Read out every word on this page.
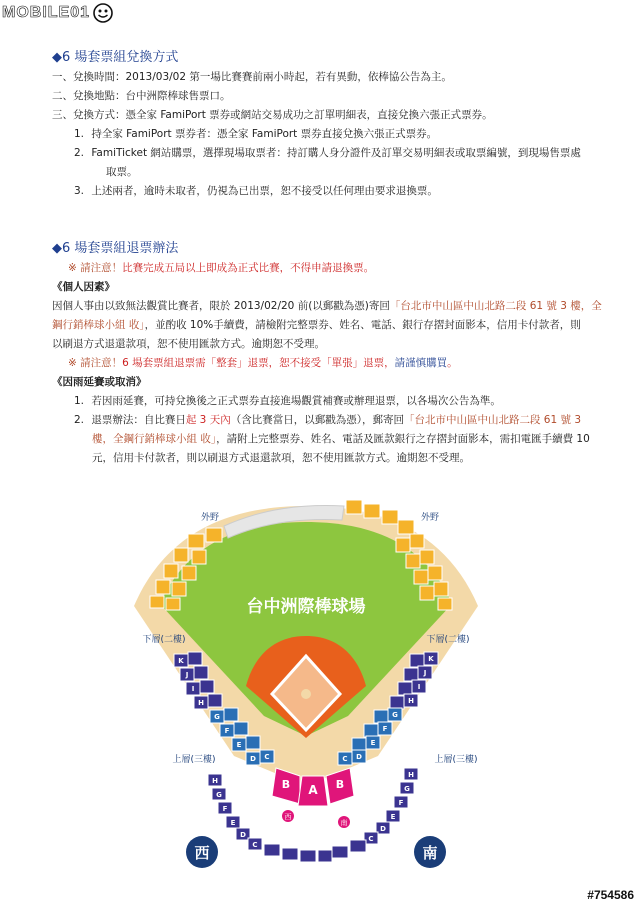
MOBILE01
◆6 場套票組兌換方式
一、兌換時間：2013/03/02 第一場比賽賽前兩小時起，若有異動，依棒協公告為主。
二、兌換地點：台中洲際棒球售票口。
三、兌換方式：憑全家 FamiPort 票券或網站交易成功之訂單明細表，直接兌換六張正式票券。
1. 持全家 FamiPort 票券者：憑全家 FamiPort 票券直接兌換六張正式票券。
2. FamiTicket 網站購票，選擇現場取票者：持訂購人身分證件及訂單交易明細表或取票編號，到現場售票處
取票。
3. 上述兩者，逾時未取者，仍視為已出票，恕不接受以任何理由要求退換票。
◆6 場套票組退票辦法
※ 請注意！比賽完成五局以上即成為正式比賽，不得申請退換票。
《個人因素》
因個人事由以致無法觀賞比賽者，限於 2013/02/20 前(以郵戳為憑)寄回「台北市中山區中山北路二段 61 號 3 樓，全
鋼行銷棒球小組 收」，並酌收 10%手續費，請檢附完整票券、姓名、電話、銀行存摺封面影本，信用卡付款者，則
以刷退方式退還款項，恕不使用匯款方式。逾期恕不受理。
※ 請注意！6 場套票組退票需「整套」退票，恕不接受「單張」退票，請謹慎購買。
《因雨延賽或取消》
1. 若因雨延賽，可持兌換後之正式票券直接進場觀賞補賽或辦理退票，以各場次公告為準。
2. 退票辦法：自比賽日起 3 天內（含比賽當日，以郵戳為憑），郵寄回「台北市中山區中山北路二段 61 號 3
樓，全鋼行銷棒球小組 收」，請附上完整票券、姓名、電話及匯款銀行之存摺封面影本，需扣電匯手續費 10
元，信用卡付款者，則以刷退方式退還款項，恕不使用匯款方式。逾期恕不受理。
台中洲際棒球場
外野	外野
下層(二樓)	下層(二樓)
上層(三樓)	上層(三樓)
B A B
西
南
西	南
K
J
I
H
G
F
E
D C
K
J
I
H
G
F
E
D
C
H
G
F
E
D
C
H
G
F
E
D
C
#754586
